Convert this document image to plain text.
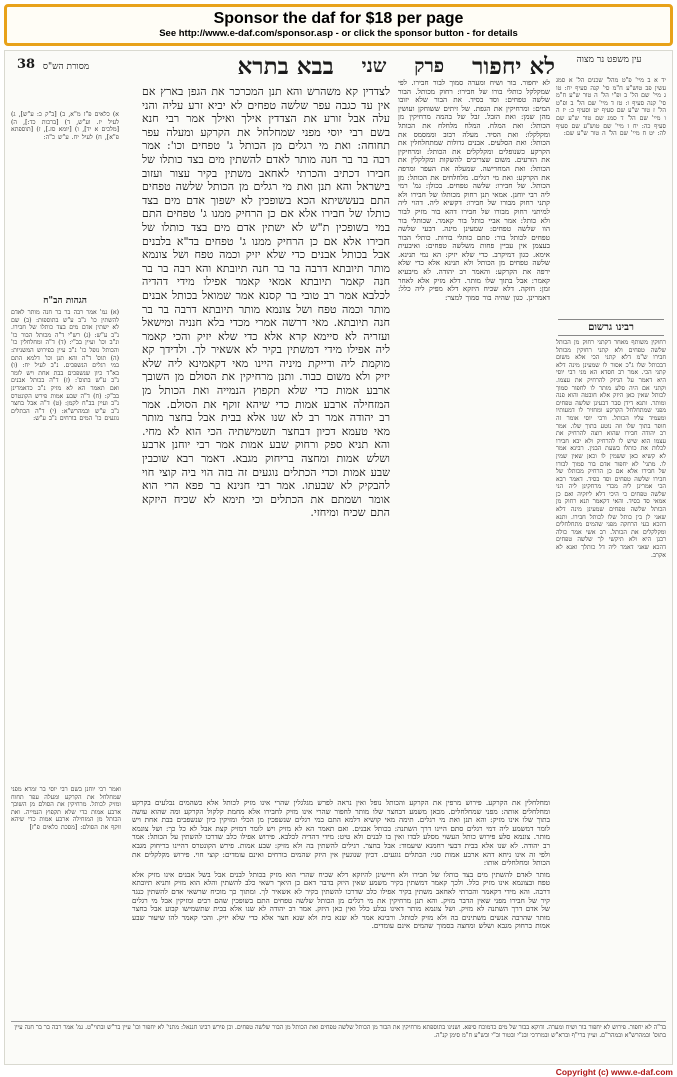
Sponsor the daf for $18 per page
See http://www.e-daf.com/sponsor.asp - or click the sponsor button - for details
38	לא יחפור
פרק
שני
בבא בתרא	עין משפט נר מצוה
מסורת הש"ס

יד א ב מיי' פ"ט מהל' שכנים הל' א סמג עשין פב טוש"ע ח"מ סי' קנה סעיף יח: טו ג מיי' שם הל' ב ופ"י הל' ה טור ש"ע ח"מ סי' קנה סעיף ו: טז ד מיי' שם הל' ב ופ"ט הל' ז טור ש"ע שם סעיף יט וסעיף כ: יז ה ו מיי' שם הל' ד סמג שם טור ש"ע שם סעיף כה: יח ז מיי' שם טוש"ע שם סעיף לה: יט ח מיי' שם הל' ה טור ש"ע שם:

רבינו גרשום

רחוקין משותף מאחר דקתני רחוק מן הכותל שלשה טפחים ולא קתני רחוקין מכותל חבירו ש"מ דלא קתני הכי אלא משום דבכותל שלו ג"כ אסור לו שמעינן מינה דלא קתני הכי. אמר רב חסדא הא מני רבי יוסי היא דאמר על הניזק להרחיק את עצמו. וקתני אם היה סלע מותר לו לחפור סמוך לכותל שאין כאן היזק אלא חובטה והוא פנה ומותר. ותנא דידן סבר דבעינן שלשה טפחים מפני שמתחלחל הקרקע ומחזיר לו דמעותיו ומעמיד עליו הכותל. ורבי יוסי אומר זה חופר בתוך שלו וזה נוטע בתוך שלו. אמר רב יהודה חבירו שהוא רוצה להרחיק את עצמו הוא שיש לו להרחיק ולא יבא חבירו לכלות את כותלו בשעת הבנין. רבינא אמר לא קשיא כאן ששמין לו וכאן שאין שמין לו. מתני' לא יחפור אדם בור סמוך לבורו של חבירו אלא אם כן הרחיק מכותלו של חבירו שלשה טפחים וסד בסיד. דאמר רבא הכי אמרינן ליה מכדי מרחקינן ליה הני שלשה טפחים כי היכי דלא ליזקיה ואם כן אמאי סד בסיד. והאי דקאמר תנא רחוק מן הכותל שלשה טפחים שמעינן מינה דלא שאני לן בין כותל שלו לכותל חבירו. ותנא דהכא בעי הרחקה מפני שהמים מתחלחלים ומקלקלים את הכותל. רב אשי אמר כולה רבנן היא ולא תיקשי לך שלשה טפחים דהכא שאני דאמר ליה דל כותלך ואנא לא אקרב.

לא יחפור. בור ושיח ומערה סמוך לבור חבירו. לפי שמקלקל כותלי בורו של חבירו: רחוק מכותל. הבור שלשה טפחים: וסד בסיד. את הבור שלא יזובו המים: ומרחיקין את הגפת. של זיתים ששוחקן ועושין מהן שמן: ואת הזבל. זבל של בהמה מרחיקין מן הכותל: ואת המלח. המלח מלחלח את הכותל ומקלקלו: ואת הסיד. מעלה רבוב וממסמס את הכותל: ואת הסלעים. אבנים גדולות שמתחלחלין את הקרקע כשנופלים ומקלקלים את הכותל: ומרחיקין את הזרעים. משום שצריכים להשקות ומקלקלין את הכותל: ואת המחרישה. שמעלה את העפר ומרפה את הקרקע: ואת מי רגלים. מלחלחים את הכותל: מן הכותל. של חבירו: שלשה טפחים. בכולן: גמ' רמי ליה רבי יוחנן. אמאי תנן רחוק מכותלו של חבירו ולא קתני רחוק מבורו של חבירו: דקשיא ליה. דהוי ליה למיתני רחוק מבורו של חבירו דהא בור מזיק לבור ולא כותל: אמר אביי כותל בור קאמר. שכותלי בור הוו שלשה טפחים: שמעינן מינה. דבעי שלשה טפחים לכותל בור: סתם כותלי בורות. כותלי הבור בעצמן אין עביין פחות משלשה טפחים: ואיבעית אימא. כגון דמיקרב. כדי שלא יזיק: הא נמי תנינא. שלשה טפחים מן הכותל ולא תנינא אלא כדי שלא ירפה את הקרקע: והאמר רב יהודה. לא מיבעיא קאמר: אבל בתוך שלו מותר. דלא מזיק אלא לאחר זמן: חזקה. דלא שכיח היזקא דלא מפיק ליה כלל: דאמרינן. כגון שהיה בור סמוך למצר:

לצדדין קא משהרש והא תנן המכרכר את הגפן בארץ אם אין עד כגבה עפר שלשה טפחים לא יביא זרע עליה והני עלה אבל זורע את הצדדין אילך ואילך אמר רבי חנא בשם רבי יוסי מפני שמחלחל את הקרקע ומעלה עפר תחוחה: ואת מי רגלים מן הכותל ג' טפחים וכו': אמר רבה בר בר חנה מותר לאדם להשתין מים בצד כותלו של חבירו דכתיב והכרתי לאחאב משתין בקיר עצור ועזוב בישראל והא תנן ואת מי רגלים מן הכותל שלשה טפחים התם בעששיתא הכא בשופכין לא ישפוך אדם מים בצד כותלו של חבירו אלא אם כן הרחיק ממנו ג' טפחים התם במי בשופכין ת"ש לא ישתין אדם מים בצד כותלו של חבירו אלא אם כן הרחיק ממנו ג' טפחים בד"א בלבנים אבל בכותל אבנים כדי שלא יזיק וכמה טפח ושל צונמא מותר תיובתא דרבה בר בר חנה תיובתא והא רבה בר בר חנה קאמר תיובתא אמאי קאמר אפילו מידי דהדיה לכלבא אמר רב טובי בר קסנא אמר שמואל בכותל אבנים מותר וכמה טפח ושל צונמא מותר תיובתא דרבה בר בר חנה תיובתא. מאי דרשה אמרי מכדי בלא חנניה ומישאל ועזריה לא סיימא קרא אלא כדי שלא יזיק והכי קאמר ליה אפילו מידי דמשתין בקיר לא אשאיר לך. ולדידך קא מוקמת ליה ודייקת מיניה היינו מאי דקאמינא ליה שלא יזיק ולא משום כבוד. ותנן מרחיקין את הסולם מן השובך ארבע אמות כדי שלא תקפוץ הנמייה ואת הכותל מן המזחילה ארבע אמות כדי שיהא זוקף את הסולם. אמר רב יהודה אמר רב לא שנו אלא בבית אבל בחצר מותר מאי טעמא דכיון דבחצר תשמישתיה הכי הוא לא מחי. והא תניא ספק ורחוק שבע אמות אמר רבי יוחנן ארבע ושלש אמות ומחצה בריחוק מגבא. דאמר רבא שוכבין שבע אמות וכדי הכתלים נוגעים זה בזה הוי ביה קוצי חוי להבקיק לא שבעתו. אמר רבי חנינא בר פפא הרי הוא אומר ושמתם את הכתלים וכי תימא לא שכיח היזקא התם שכיח ומיחזי.

א) כלאים פ"ז מ"א, ב) [ב"ק כ: ע"ש], ג) לעיל יז. וע"ש, ד) [ברכות כד:], ה) [מלכים א יד], ו) [יומא סז.], ז) [תוספתא פ"א], ח) לעיל יח. ע"ש כ"ה:

הגהות הב"ח

(א) גמ' אמר רבה בר בר חנה מותר לאדם להשתין כו' נ"ב ע"ש בתוספות: (ב) שם לא ישתין אדם מים בצד כותלו של חבירו. נ"ב ע"ש: (ג) רש"י ד"ה מכותל הבור כו' ונ"ב וכו' ועיין בב"י: (ד) ד"ה ומחלחלין כו' והכותל נופל כו' נ"ב עיין בפירוש המשניות: (ה) תוס' ד"ה והא תנן וכו' דלמא התם במי רגלים הנשפכים. נ"ב לעיל יח: (ו) בא"ד כיון שנשפכים בבת אחת ויש לומר נ"ב ע"ש בתוס': (ז) ד"ה בכותל אבנים ואם תאמר הא לא מזיק נ"ב כדאמרינן בב"ק: (ח) ד"ה שבע אמות פירש הקונטרס נ"ב ועיין בב"ח לקמן: (ט) ד"ה אבל בחצר נ"ב ע"ש ובמהרש"א: (י) ד"ה הכתלים נוגעים כו' המים בורחים נ"ב ע"ש:

ומחלחלין את הקרקע. פירוש מרפין את הקרקע והכותל נופל ואין נראה לפרש מגלגלין שהרי אינו מזיק לכותל אלא כשהמים נבלעים בקרקע ומחלחלים אותה: מפני שמחלחלים. מכאן משמע דבחצר שלו מותר לחפור שהרי אינו מזיק לחבירו אלא מחמת קלקול הקרקע ומה שהוא עושה בתוך שלו אינו מזיק: והא תנן ואת מי רגלים. תימה מאי קושיא דלמא התם במי רגלים שנשפכין מן הכלי ומזיקין כיון שנשפכים בבת אחת ויש לומר דמשמע ליה דמי רגלים סתם היינו דרך השתנה: בכותל אבנים. ואם תאמר הא לא מזיק ויש לומר דמזיק קצת אבל לא כל כך: ושל צונמא מותר. צונמא סלע פירוש כותל העשוי מסלע לבדו ואין בו לבנים ולא טיט: מידי דהדיה לכלבא. פירוש אפילו כלב שדרכו להשתין על הכותל: אמר רב יהודה. לא שנו אלא בבית דבעי רחמנא שיעמוד: אבל בחצר. רגילים להשתין בה ולא מזיק: שבע אמות. פירש הקונטרס דהיינו בריחוק מגבא ולפי זה אינו ניחא דהא ארבע אמות סגי: הכתלים נוגעים. דכיון שנוגעין אין היזק שהמים בורחים ואינם עומדים: קוצי חוי. פירוש מקלקלים את הכותל ומחלחלים אותו:

מותר לאדם להשתין מים בצד כותלו של חבירו ולא חיישינן להיזקא דלא שכיח שהרי הוא מזיק בכותל לבנים אבל בשל אבנים אינו מזיק אלא טפח ובצונמא אינו מזיק כלל. ולכך קאמר דמשתין בקיר משמע שאין היזק בדבר דאם כן היאך רשאי כלב להשתין והלא הוא מזיק ותניא תיובתא דרבה. והא מידי דקאמר והכרתי לאחאב משתין בקיר אפילו כלב שדרכו להשתין בקיר לא אשאיר לך. ומתוך כך מוכיח שרשאי אדם להשתין כנגד קיר של חבירו מפני שאין הדבר מזיק. והא תנן מרחיקין את מי רגלים מן הכותל שלשה טפחים התם בשופכין שהם רבים ומזיקין אבל מי רגלים של אדם דרך השתנה לא מזיק. ושל צונמא מותר דאינו נבלע כלל ואין כאן היזק. אמר רב יהודה לא שנו אלא בבית שתשמישו קבוע אבל בחצר מותר שהרבה אנשים משתינים בה ולא מזיק לכותל. ורבינא אמר לא שנא בית ולא שנא חצר אלא כדי שלא יזיק. והכי קאמר להו שיעור שבע אמות ברחוק מגבא ושלש ומחצה בסמוך שהמים אינם עומדים.

ואמר רבי יוחנן בשם רבי יוסי בר זמרא מפני שמחלחל את הקרקע ומעלה עפר תחוח ומזיק לכותל. מרחיקין את הסולם מן השובך ארבע אמות כדי שלא תקפוץ הנמייה. ואת הכותל מן המזחילה ארבע אמות כדי שיהא זוקף את הסולם: [מסכת כלאים פ"ז]

בד"ה לא יחפור. פירוש לא יחפור בור ושיח ומערה. ודוקא בבור של מים כדמוכח סיפא. ושנינו בתוספתא מרחיקין את הבור מן הכותל שלשה טפחים ואת הכותל מן הבור שלשה טפחים. וכן פירש רבינו חננאל: מתני' לא יחפור וכו' עיין בר"ש ובתוי"ט. גמ' אמר רבה בר בר חנה עיין בתוס' ובמהרש"א ובמהר"ם. ועיין ברי"ף וברא"ש ובמרדכי ובנ"י ובטור וב"י ובש"ע ח"מ סימן קנ"ה.

Copyright (c) www.e-daf.com
